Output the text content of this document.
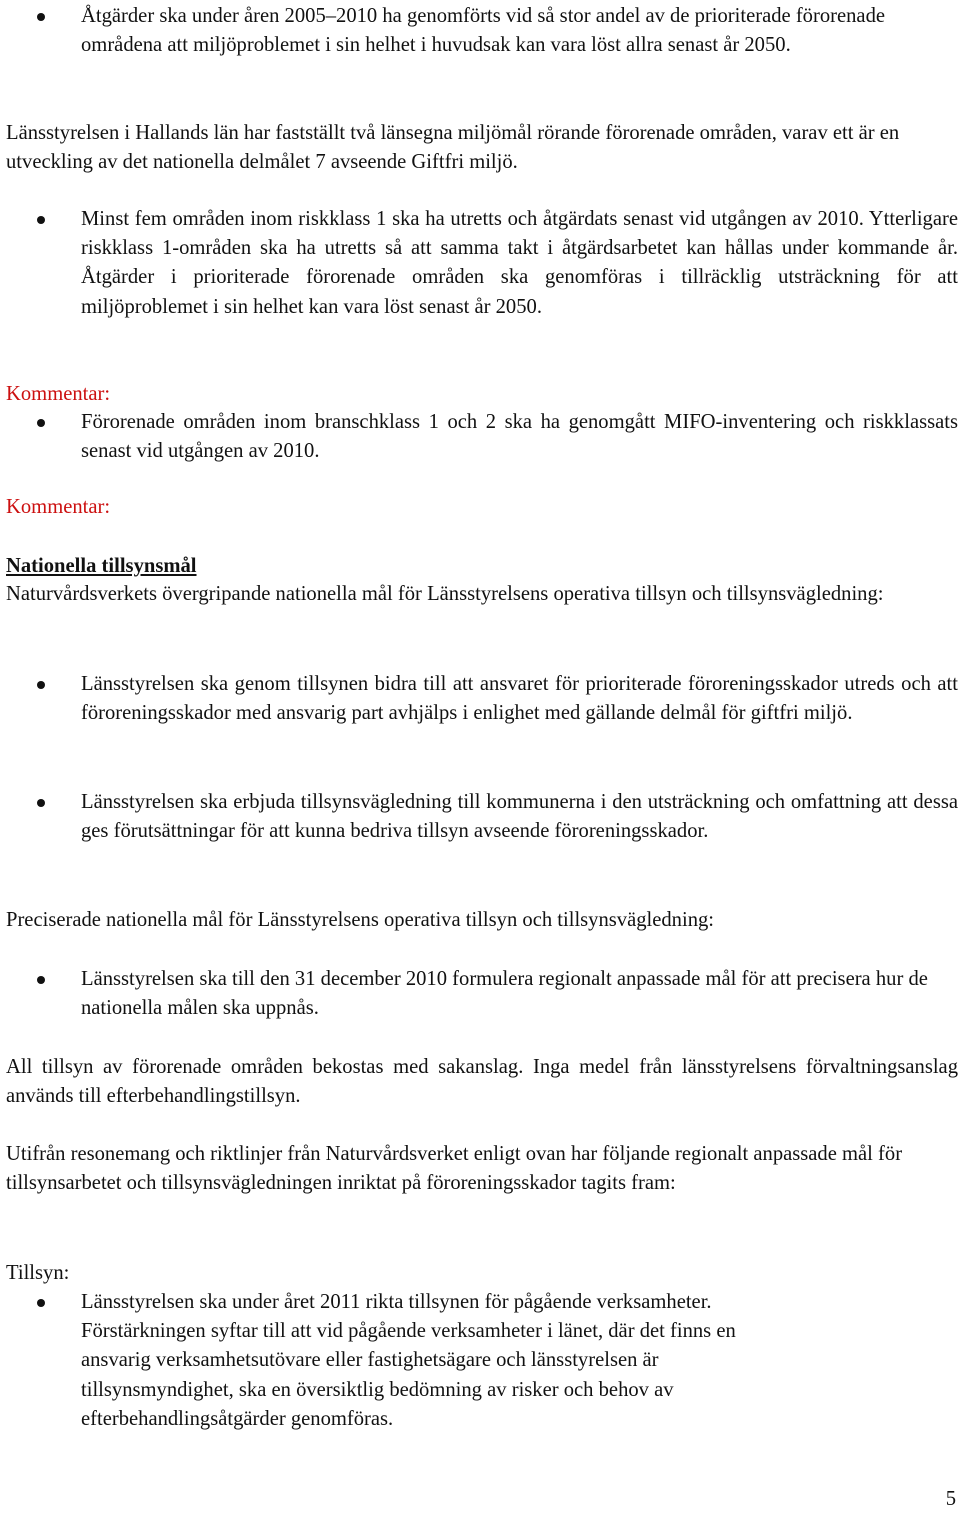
Åtgärder ska under åren 2005–2010 ha genomförts vid så stor andel av de prioriterade förorenade områdena att miljöproblemet i sin helhet i huvudsak kan vara löst allra senast år 2050.

Länsstyrelsen i Hallands län har fastställt två länsegna miljömål rörande förorenade områden, varav ett är en utveckling av det nationella delmålet 7 avseende Giftfri miljö.

Minst fem områden inom riskklass 1 ska ha utretts och åtgärdats senast vid utgången av 2010. Ytterligare riskklass 1-områden ska ha utretts så att samma takt i åtgärdsarbetet kan hållas under kommande år. Åtgärder i prioriterade förorenade områden ska genomföras i tillräcklig utsträckning för att miljöproblemet i sin helhet kan vara löst senast år 2050.

Kommentar:

Förorenade områden inom branschklass 1 och 2 ska ha genomgått MIFO-inventering och riskklassats senast vid utgången av 2010.

Kommentar:

Nationella tillsynsmål

Naturvårdsverkets övergripande nationella mål för Länsstyrelsens operativa tillsyn och tillsynsvägledning:

Länsstyrelsen ska genom tillsynen bidra till att ansvaret för prioriterade föroreningsskador utreds och att föroreningsskador med ansvarig part avhjälps i enlighet med gällande delmål för giftfri miljö.
Länsstyrelsen ska erbjuda tillsynsvägledning till kommunerna i den utsträckning och omfattning att dessa ges förutsättningar för att kunna bedriva tillsyn avseende föroreningsskador.

Preciserade nationella mål för Länsstyrelsens operativa tillsyn och tillsynsvägledning:

Länsstyrelsen ska till den 31 december 2010 formulera regionalt anpassade mål för att precisera hur de nationella målen ska uppnås.

All tillsyn av förorenade områden bekostas med sakanslag. Inga medel från länsstyrelsens förvaltningsanslag används till efterbehandlingstillsyn.

Utifrån resonemang och riktlinjer från Naturvårdsverket enligt ovan har följande regionalt anpassade mål för tillsynsarbetet och tillsynsvägledningen inriktat på föroreningsskador tagits fram:

Tillsyn:

Länsstyrelsen ska under året 2011 rikta tillsynen för pågående verksamheter.
Förstärkningen syftar till att vid pågående verksamheter i länet, där det finns en
ansvarig verksamhetsutövare eller fastighetsägare och länsstyrelsen är
tillsynsmyndighet, ska en översiktlig bedömning av risker och behov av
efterbehandlingsåtgärder genomföras.
5
